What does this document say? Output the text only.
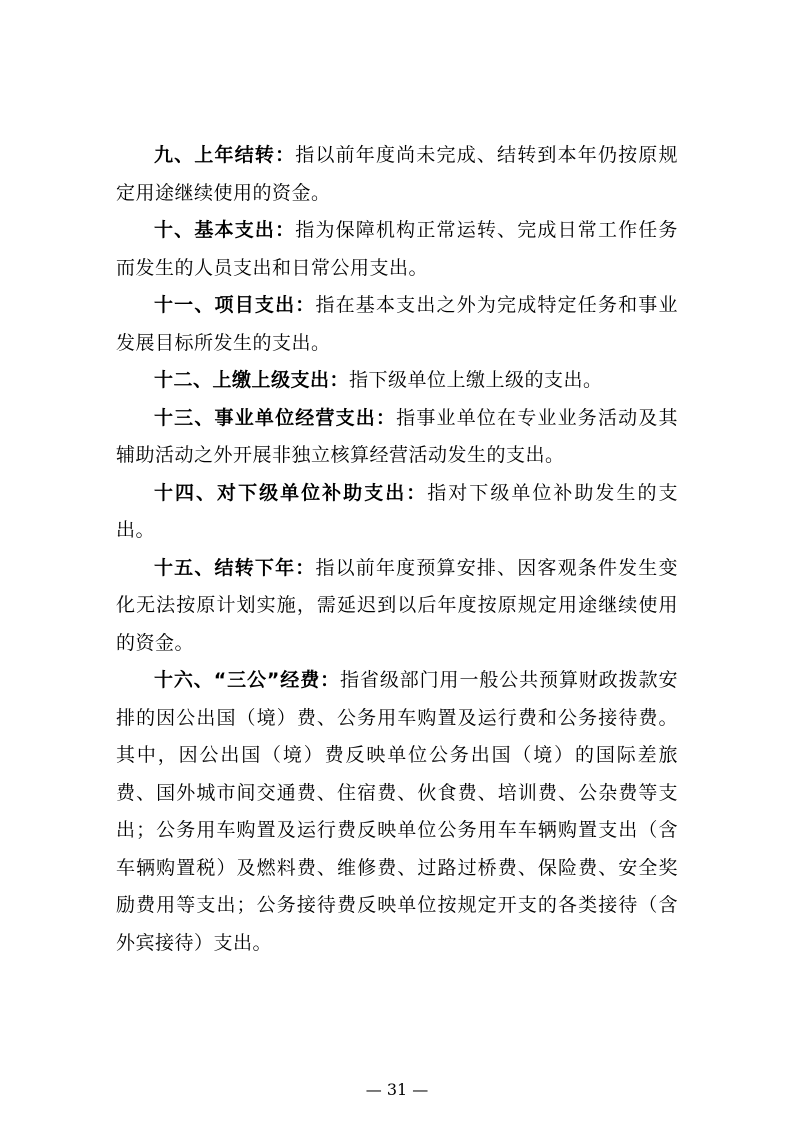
九、上年结转：指以前年度尚未完成、结转到本年仍按原规定用途继续使用的资金。

十、基本支出：指为保障机构正常运转、完成日常工作任务而发生的人员支出和日常公用支出。

十一、项目支出：指在基本支出之外为完成特定任务和事业发展目标所发生的支出。

十二、上缴上级支出：指下级单位上缴上级的支出。

十三、事业单位经营支出：指事业单位在专业业务活动及其辅助活动之外开展非独立核算经营活动发生的支出。

十四、对下级单位补助支出：指对下级单位补助发生的支出。

十五、结转下年：指以前年度预算安排、因客观条件发生变化无法按原计划实施，需延迟到以后年度按原规定用途继续使用的资金。

十六、“三公”经费：指省级部门用一般公共预算财政拨款安排的因公出国（境）费、公务用车购置及运行费和公务接待费。其中，因公出国（境）费反映单位公务出国（境）的国际差旅费、国外城市间交通费、住宿费、伙食费、培训费、公杂费等支出；公务用车购置及运行费反映单位公务用车车辆购置支出（含车辆购置税）及燃料费、维修费、过路过桥费、保险费、安全奖励费用等支出；公务接待费反映单位按规定开支的各类接待（含外宾接待）支出。

— 31 —
